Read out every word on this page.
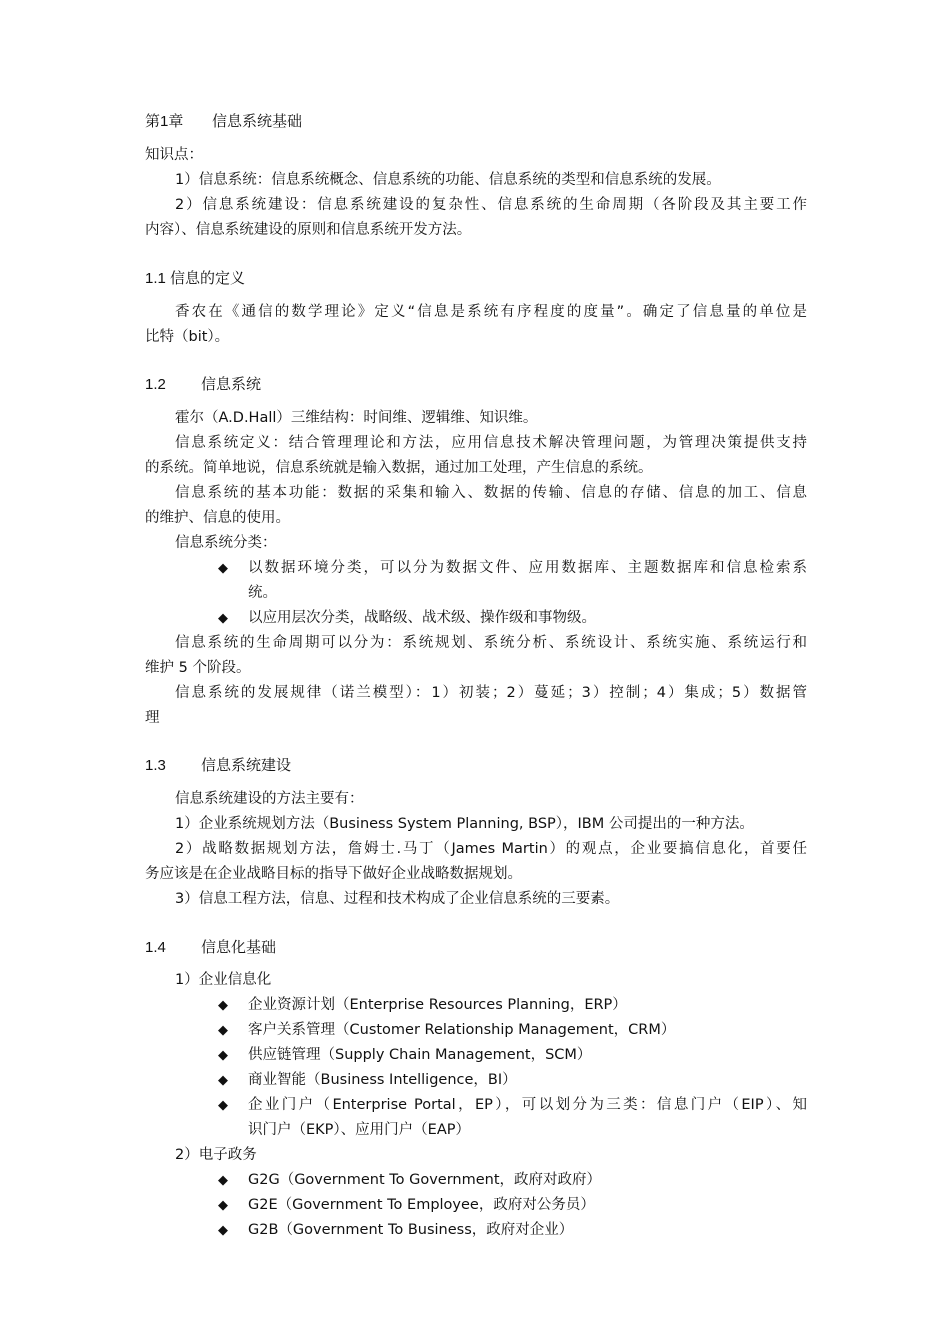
第1章 信息系统基础
知识点：
1）信息系统：信息系统概念、信息系统的功能、信息系统的类型和信息系统的发展。
2）信息系统建设：信息系统建设的复杂性、信息系统的生命周期（各阶段及其主要工作
内容）、信息系统建设的原则和信息系统开发方法。
1.1 信息的定义
香农在《通信的数学理论》定义“信息是系统有序程度的度量”。确定了信息量的单位是
比特（bit）。
1.2 信息系统
霍尔（A.D.Hall）三维结构：时间维、逻辑维、知识维。
信息系统定义：结合管理理论和方法，应用信息技术解决管理问题，为管理决策提供支持
的系统。简单地说，信息系统就是输入数据，通过加工处理，产生信息的系统。
信息系统的基本功能：数据的采集和输入、数据的传输、信息的存储、信息的加工、信息
的维护、信息的使用。
信息系统分类：
◆ 以数据环境分类，可以分为数据文件、应用数据库、主题数据库和信息检索系
统。
◆ 以应用层次分类，战略级、战术级、操作级和事物级。
信息系统的生命周期可以分为：系统规划、系统分析、系统设计、系统实施、系统运行和
维护 5 个阶段。
信息系统的发展规律（诺兰模型）：1）初装；2）蔓延；3）控制；4）集成；5）数据管
理
1.3 信息系统建设
信息系统建设的方法主要有：
1）企业系统规划方法（Business System Planning, BSP），IBM 公司提出的一种方法。
2）战略数据规划方法，詹姆士.马丁（James Martin）的观点，企业要搞信息化，首要任
务应该是在企业战略目标的指导下做好企业战略数据规划。
3）信息工程方法，信息、过程和技术构成了企业信息系统的三要素。
1.4 信息化基础
1）企业信息化
◆ 企业资源计划（Enterprise Resources Planning，ERP）
◆ 客户关系管理（Customer Relationship Management，CRM）
◆ 供应链管理（Supply Chain Management，SCM）
◆ 商业智能（Business Intelligence，BI）
◆ 企业门户（Enterprise Portal，EP），可以划分为三类：信息门户（EIP）、知
识门户（EKP）、应用门户（EAP）
2）电子政务
◆ G2G（Government To Government，政府对政府）
◆ G2E（Government To Employee，政府对公务员）
◆ G2B（Government To Business，政府对企业）
